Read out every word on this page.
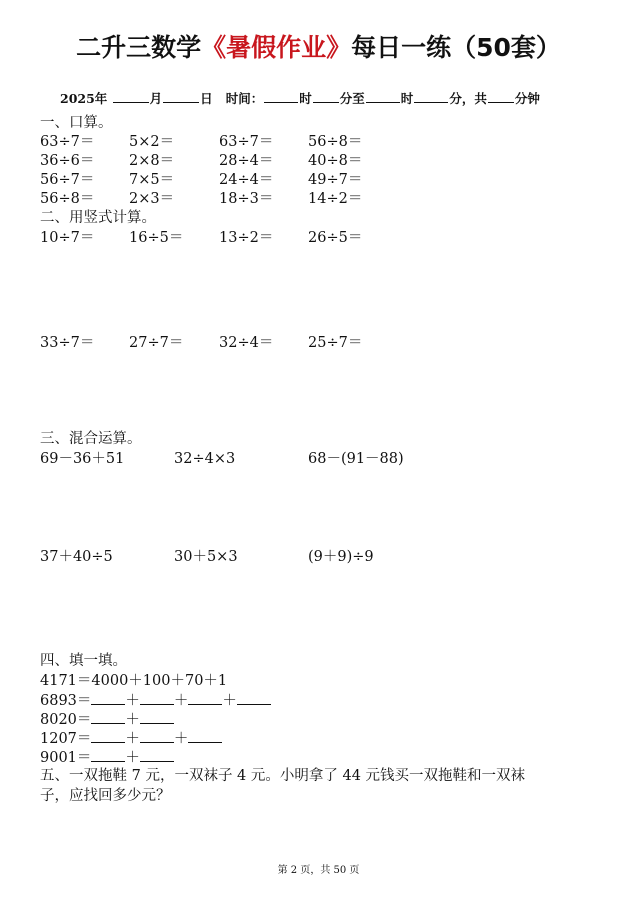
二升三数学《暑假作业》每日一练（50套）
2025年	月	日 时间：	时 分至	时	分，共 分钟
一、口算。
63÷7＝ 5×2＝	63÷7＝ 56÷8＝
36÷6＝ 2×8＝	28÷4＝ 40÷8＝
56÷7＝ 7×5＝	24÷4＝ 49÷7＝
56÷8＝ 2×3＝	18÷3＝ 14÷2＝
二、用竖式计算。
10÷7＝ 16÷5＝ 13÷2＝ 26÷5＝
33÷7＝ 27÷7＝ 32÷4＝ 25÷7＝
三、混合运算。
69－36＋51	32÷4×3	68－(91－88)
37＋40÷5	30＋5×3	(9＋9)÷9
四、填一填。
4171＝4000＋100＋70＋1
6893＝ ＋ ＋ ＋
8020＝ ＋
1207＝ ＋ ＋
9001＝ ＋
五、一双拖鞋 7 元，一双袜子 4 元。小明拿了 44 元钱买一双拖鞋和一双袜
子，应找回多少元？
第 2 页，共 50 页
